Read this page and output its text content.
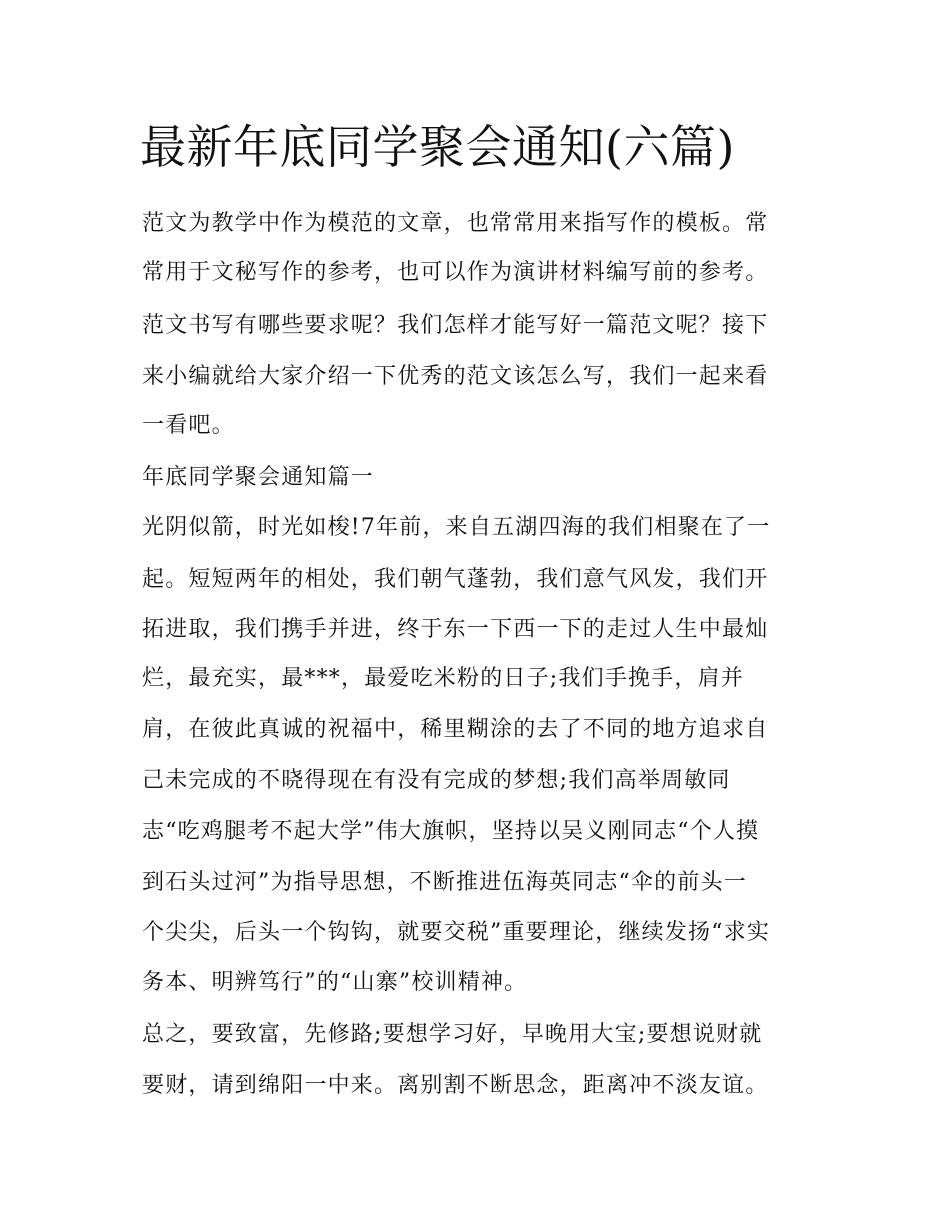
最新年底同学聚会通知(六篇)

范文为教学中作为模范的文章，也常常用来指写作的模板。常

常用于文秘写作的参考，也可以作为演讲材料编写前的参考。

范文书写有哪些要求呢？我们怎样才能写好一篇范文呢？接下

来小编就给大家介绍一下优秀的范文该怎么写，我们一起来看

一看吧。

年底同学聚会通知篇一

光阴似箭，时光如梭!7年前，来自五湖四海的我们相聚在了一

起。短短两年的相处，我们朝气蓬勃，我们意气风发，我们开

拓进取，我们携手并进，终于东一下西一下的走过人生中最灿

烂，最充实，最***，最爱吃米粉的日子;我们手挽手，肩并

肩，在彼此真诚的祝福中，稀里糊涂的去了不同的地方追求自

己未完成的不晓得现在有没有完成的梦想;我们高举周敏同

志“吃鸡腿考不起大学”伟大旗帜，坚持以吴义刚同志“个人摸

到石头过河”为指导思想，不断推进伍海英同志“伞的前头一

个尖尖，后头一个钩钩，就要交税”重要理论，继续发扬“求实

务本、明辨笃行”的“山寨”校训精神。

总之，要致富，先修路;要想学习好，早晚用大宝;要想说财就

要财，请到绵阳一中来。离别割不断思念，距离冲不淡友谊。
